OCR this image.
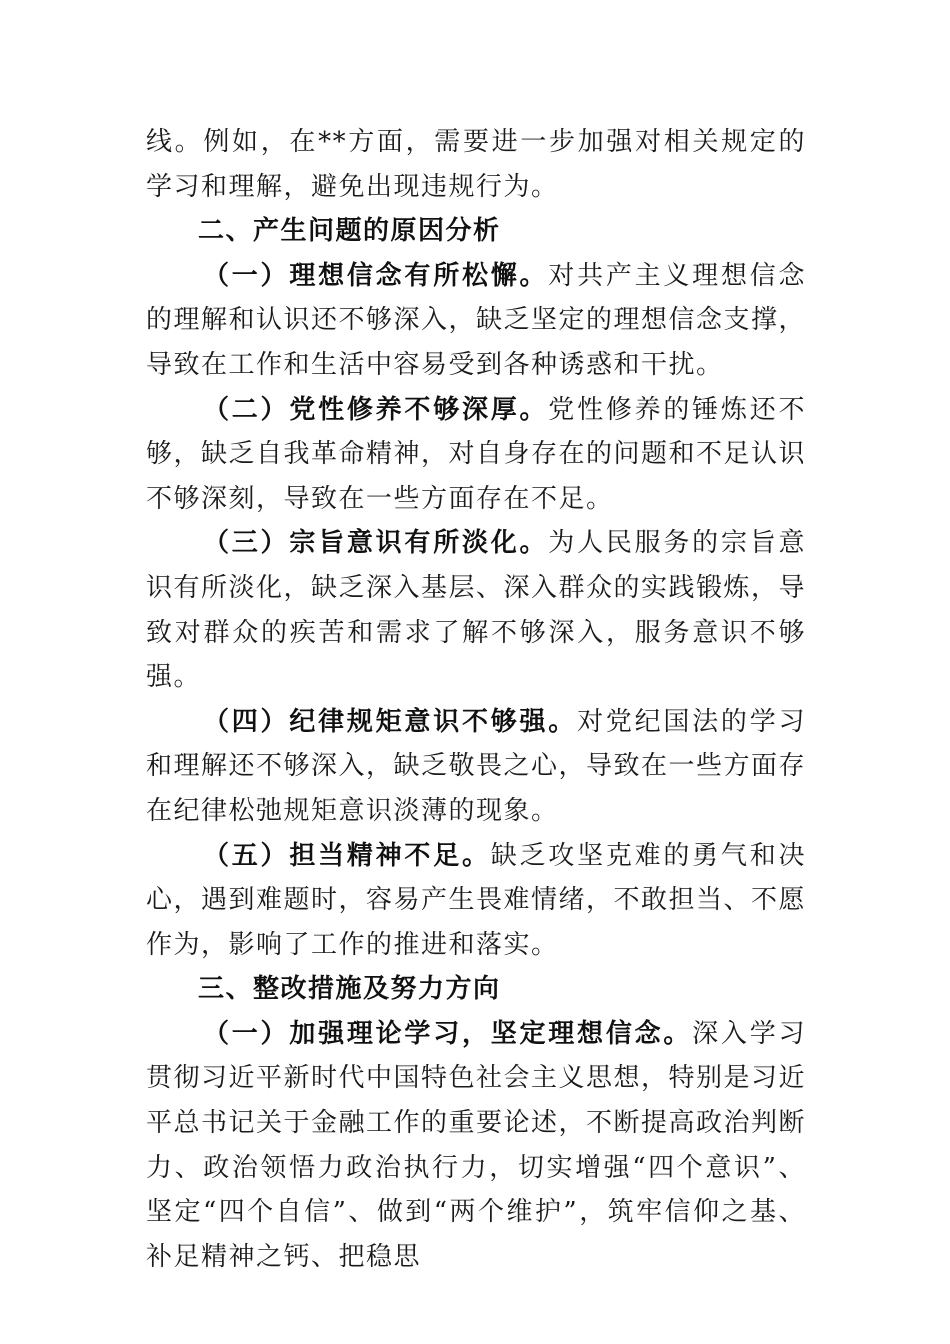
线。例如，在**方面，需要进一步加强对相关规定的学习和理解，避免出现违规行为。

二、产生问题的原因分析

（一）理想信念有所松懈。对共产主义理想信念的理解和认识还不够深入，缺乏坚定的理想信念支撑，导致在工作和生活中容易受到各种诱惑和干扰。

（二）党性修养不够深厚。党性修养的锤炼还不够，缺乏自我革命精神，对自身存在的问题和不足认识不够深刻，导致在一些方面存在不足。

（三）宗旨意识有所淡化。为人民服务的宗旨意识有所淡化，缺乏深入基层、深入群众的实践锻炼，导致对群众的疾苦和需求了解不够深入，服务意识不够强。

（四）纪律规矩意识不够强。对党纪国法的学习和理解还不够深入，缺乏敬畏之心，导致在一些方面存在纪律松弛规矩意识淡薄的现象。

（五）担当精神不足。缺乏攻坚克难的勇气和决心，遇到难题时，容易产生畏难情绪，不敢担当、不愿作为，影响了工作的推进和落实。

三、整改措施及努力方向

（一）加强理论学习，坚定理想信念。深入学习贯彻习近平新时代中国特色社会主义思想，特别是习近平总书记关于金融工作的重要论述，不断提高政治判断力、政治领悟力政治执行力，切实增强“四个意识”、坚定“四个自信”、做到“两个维护”，筑牢信仰之基、补足精神之钙、把稳思
